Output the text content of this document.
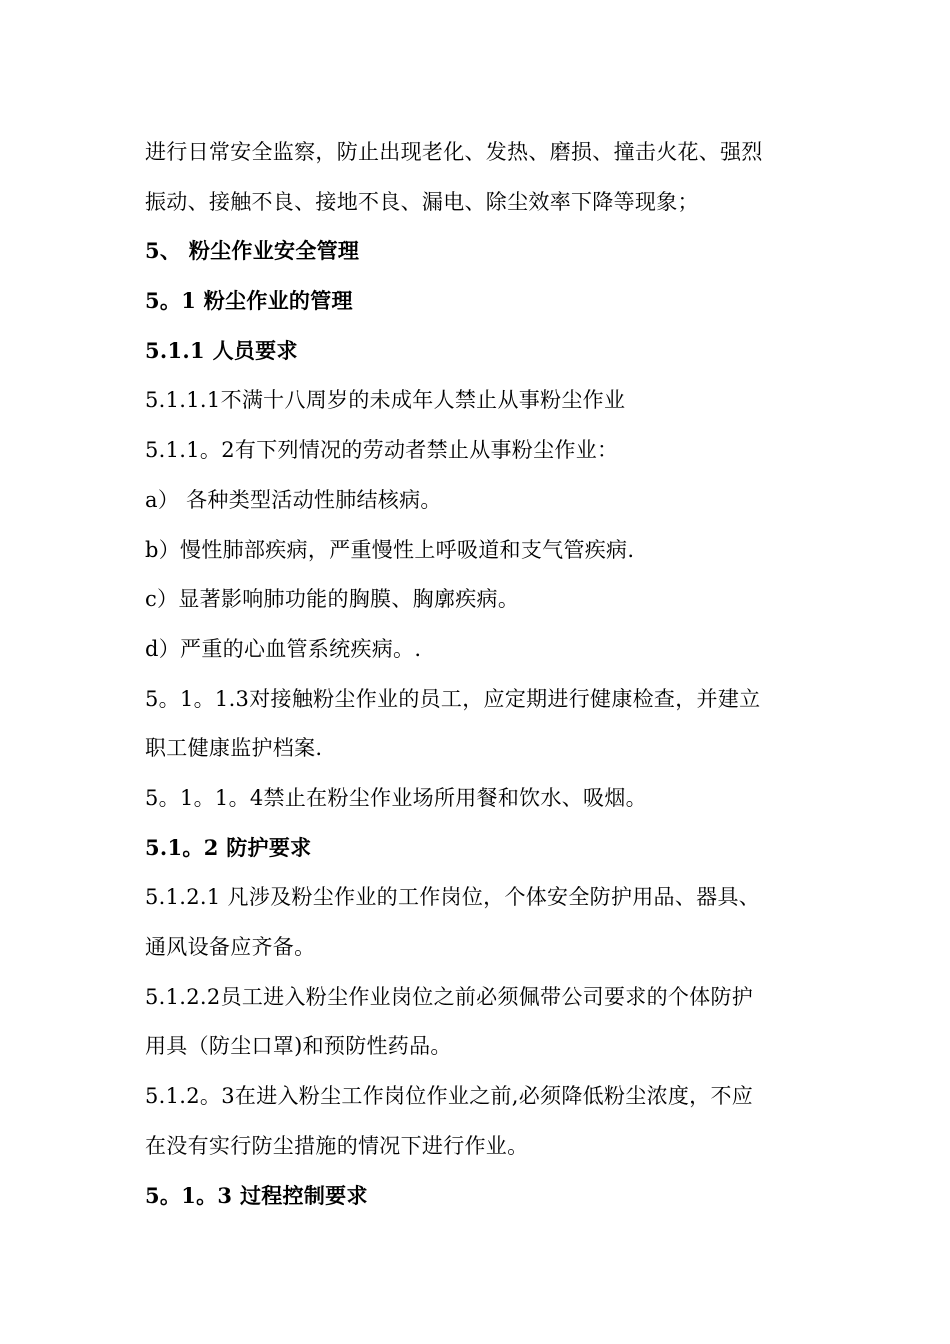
进行日常安全监察，防止出现老化、发热、磨损、撞击火花、强烈
振动、接触不良、接地不良、漏电、除尘效率下降等现象；
5、 粉尘作业安全管理
5。1 粉尘作业的管理
5.1.1 人员要求
5.1.1.1不满十八周岁的未成年人禁止从事粉尘作业
5.1.1。2有下列情况的劳动者禁止从事粉尘作业：
a） 各种类型活动性肺结核病。
b）慢性肺部疾病，严重慢性上呼吸道和支气管疾病.
c）显著影响肺功能的胸膜、胸廓疾病。
d）严重的心血管系统疾病。.
5。1。1.3对接触粉尘作业的员工，应定期进行健康检查，并建立
职工健康监护档案.
5。1。1。4禁止在粉尘作业场所用餐和饮水、吸烟。
5.1。2 防护要求
5.1.2.1 凡涉及粉尘作业的工作岗位，个体安全防护用品、器具、
通风设备应齐备。
5.1.2.2员工进入粉尘作业岗位之前必须佩带公司要求的个体防护
用具（防尘口罩)和预防性药品。
5.1.2。3在进入粉尘工作岗位作业之前,必须降低粉尘浓度，不应
在没有实行防尘措施的情况下进行作业。
5。1。3 过程控制要求
